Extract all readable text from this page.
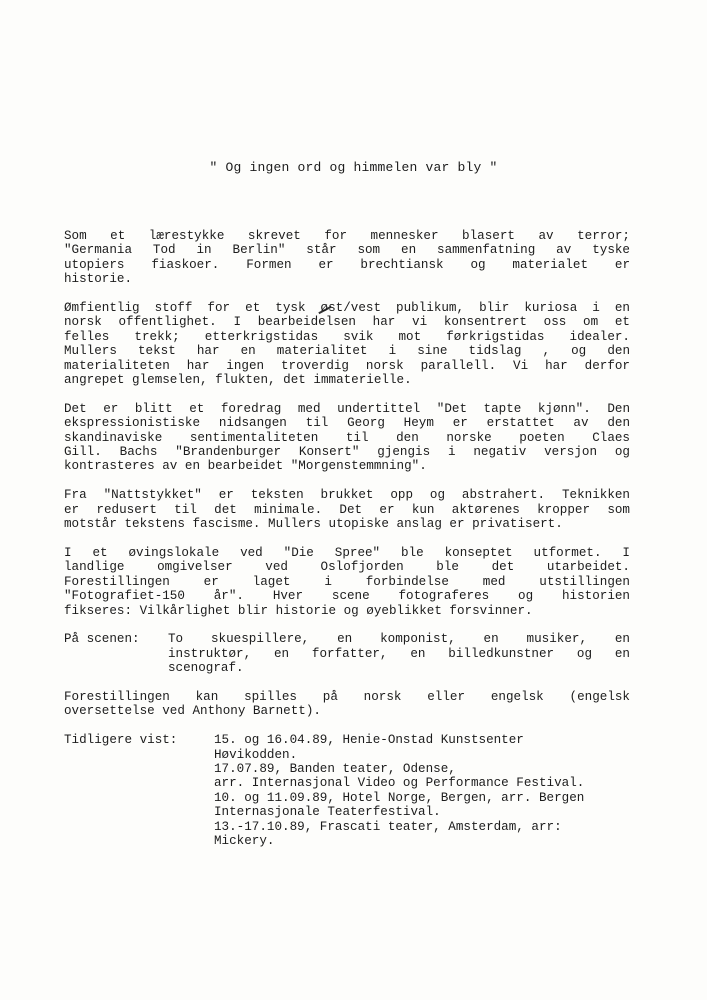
" Og ingen ord og himmelen var bly "
Som et lærestykke skrevet for mennesker blasert av terror;
"Germania Tod in Berlin" står som en sammenfatning av tyske
utopiers fiaskoer. Formen er brechtiansk og materialet er
historie.
Ømfientlig stoff for et tysk øst/vest publikum, blir kuriosa i en
norsk offentlighet. I bearbeidelsen har vi konsentrert oss om et
felles trekk; etterkrigstidas svik mot førkrigstidas idealer.
Mullers tekst har en materialitet i sine tidslag , og den
materialiteten har ingen troverdig norsk parallell. Vi har derfor
angrepet glemselen, flukten, det immaterielle.
Det er blitt et foredrag med undertittel "Det tapte kjønn". Den
ekspressionistiske nidsangen til Georg Heym er erstattet av den
skandinaviske sentimentaliteten til den norske poeten Claes
Gill. Bachs "Brandenburger Konsert" gjengis i negativ versjon og
kontrasteres av en bearbeidet "Morgenstemmning".
Fra "Nattstykket" er teksten brukket opp og abstrahert. Teknikken
er redusert til det minimale. Det er kun aktørenes kropper som
motstår tekstens fascisme. Mullers utopiske anslag er privatisert.
I et øvingslokale ved "Die Spree" ble konseptet utformet. I
landlige omgivelser ved Oslofjorden ble det utarbeidet.
Forestillingen er laget i forbindelse med utstillingen
"Fotografiet-150 år". Hver scene fotograferes og historien
fikseres: Vilkårlighet blir historie og øyeblikket forsvinner.
På scenen:	To skuespillere, en komponist, en musiker, en
instruktør, en forfatter, en billedkunstner og en
scenograf.
Forestillingen kan spilles på norsk eller engelsk (engelsk
oversettelse ved Anthony Barnett).
Tidligere vist:	15. og 16.04.89, Henie-Onstad Kunstsenter
Høvikodden.
17.07.89, Banden teater, Odense,
arr. Internasjonal Video og Performance Festival.
10. og 11.09.89, Hotel Norge, Bergen, arr. Bergen
Internasjonale Teaterfestival.
13.-17.10.89, Frascati teater, Amsterdam, arr:
Mickery.
